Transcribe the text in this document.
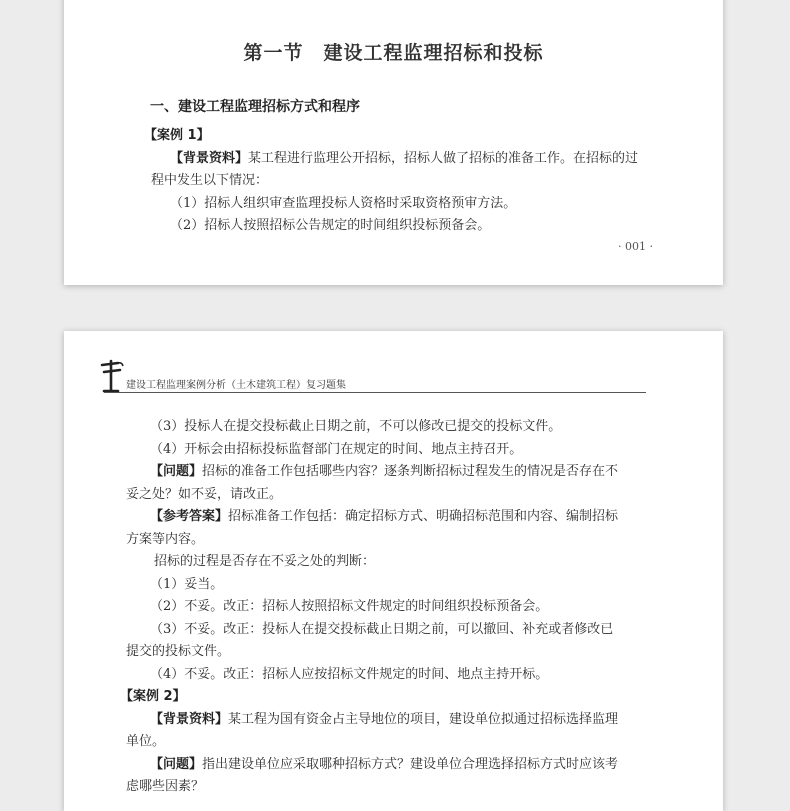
第一节　建设工程监理招标和投标
一、建设工程监理招标方式和程序
【案例 1】
【背景资料】某工程进行监理公开招标，招标人做了招标的准备工作。在招标的过
程中发生以下情况：
（1）招标人组织审查监理投标人资格时采取资格预审方法。
（2）招标人按照招标公告规定的时间组织投标预备会。
· 001 ·
建设工程监理案例分析（土木建筑工程）复习题集
（3）投标人在提交投标截止日期之前，不可以修改已提交的投标文件。
（4）开标会由招标投标监督部门在规定的时间、地点主持召开。
【问题】招标的准备工作包括哪些内容？逐条判断招标过程发生的情况是否存在不
妥之处？如不妥，请改正。
【参考答案】招标准备工作包括：确定招标方式、明确招标范围和内容、编制招标
方案等内容。
招标的过程是否存在不妥之处的判断：
（1）妥当。
（2）不妥。改正：招标人按照招标文件规定的时间组织投标预备会。
（3）不妥。改正：投标人在提交投标截止日期之前，可以撤回、补充或者修改已
提交的投标文件。
（4）不妥。改正：招标人应按招标文件规定的时间、地点主持开标。
【案例 2】
【背景资料】某工程为国有资金占主导地位的项目，建设单位拟通过招标选择监理
单位。
【问题】指出建设单位应采取哪种招标方式？建设单位合理选择招标方式时应该考
虑哪些因素？
